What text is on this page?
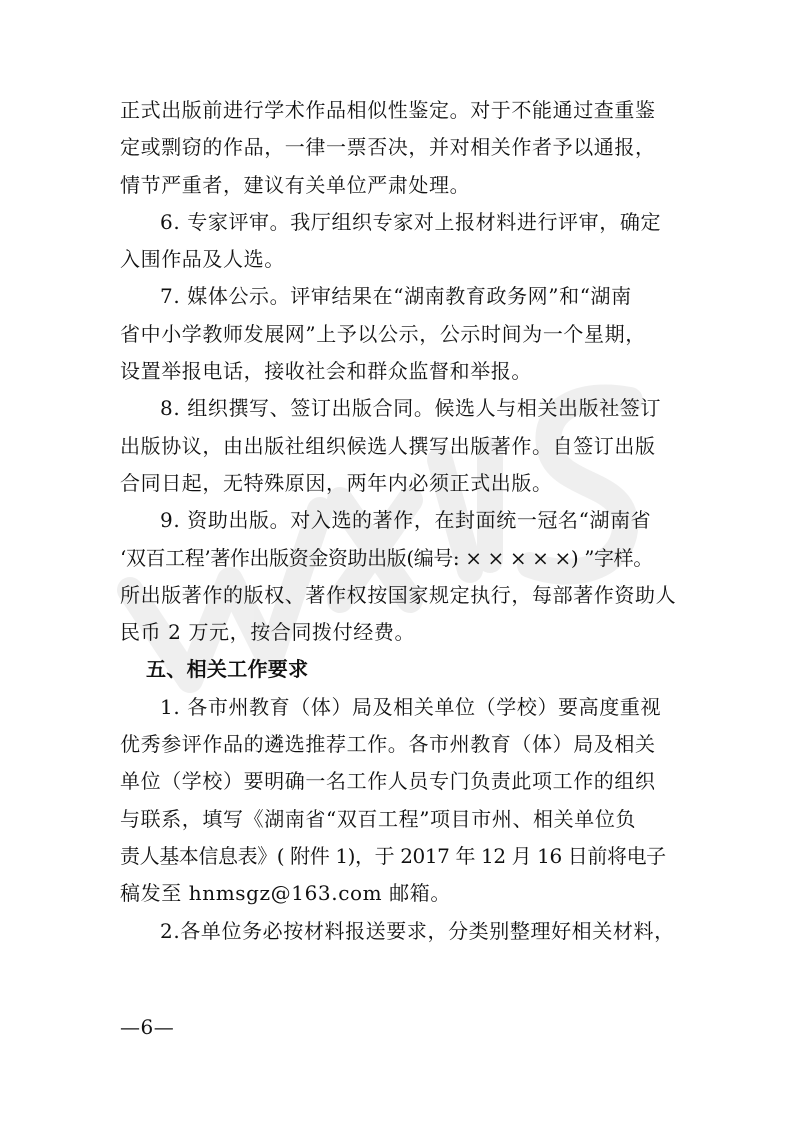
正式出版前进行学术作品相似性鉴定。对于不能通过查重鉴
定或剽窃的作品，一律一票否决，并对相关作者予以通报，
情节严重者，建议有关单位严肃处理。
6. 专家评审。我厅组织专家对上报材料进行评审，确定
入围作品及人选。
7. 媒体公示。评审结果在“湖南教育政务网”和“湖南
省中小学教师发展网”上予以公示，公示时间为一个星期，
设置举报电话，接收社会和群众监督和举报。
8. 组织撰写、签订出版合同。候选人与相关出版社签订
出版协议，由出版社组织候选人撰写出版著作。自签订出版
合同日起，无特殊原因，两年内必须正式出版。
9. 资助出版。对入选的著作，在封面统一冠名“湖南省
‘双百工程’著作出版资金资助出版(编号: × × × × ×) ”字样。
所出版著作的版权、著作权按国家规定执行，每部著作资助人
民币 2 万元，按合同拨付经费。
五、相关工作要求
1. 各市州教育（体）局及相关单位（学校）要高度重视
优秀参评作品的遴选推荐工作。各市州教育（体）局及相关
单位（学校）要明确一名工作人员专门负责此项工作的组织
与联系，填写《湖南省“双百工程”项目市州、相关单位负
责人基本信息表》( 附件 1)，于 2017 年 12 月 16 日前将电子
稿发至 hnmsgz@163.com 邮箱。
2.各单位务必按材料报送要求，分类别整理好相关材料，
—6—
